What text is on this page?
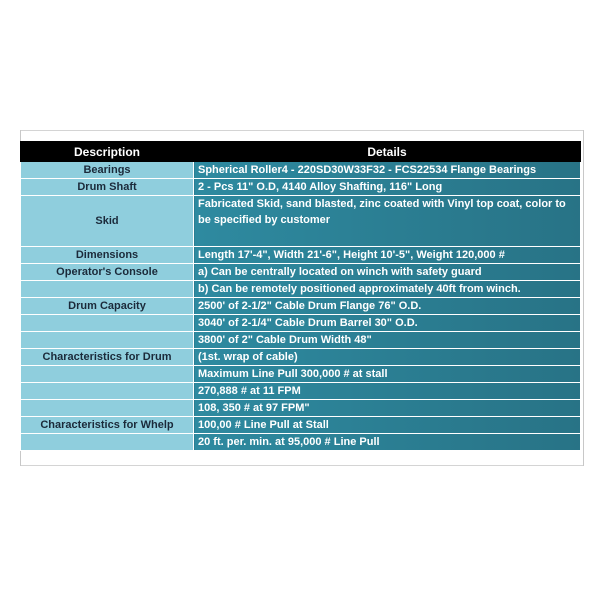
Description	Details
Bearings	Spherical Roller4 - 220SD30W33F32 - FCS22534 Flange Bearings
Drum Shaft	2 - Pcs 11" O.D, 4140 Alloy Shafting, 116" Long
Skid	Fabricated Skid, sand blasted, zinc coated with Vinyl top coat, color to be specified by customer
Dimensions	Length 17'-4", Width 21'-6", Height 10'-5", Weight 120,000 #
Operator's Console	a) Can be centrally located on winch with safety guard
	b) Can be remotely positioned approximately 40ft from winch.
Drum Capacity	2500' of 2-1/2" Cable Drum Flange 76" O.D.
	3040' of 2-1/4" Cable Drum Barrel 30" O.D.
	3800' of 2" Cable Drum Width 48"
Characteristics for Drum	(1st. wrap of cable)
	Maximum Line Pull 300,000 # at stall
	270,888 # at 11 FPM
	108, 350 # at 97 FPM"
Characteristics for Whelp	100,00 # Line Pull at Stall
	20 ft. per. min. at 95,000 # Line Pull
